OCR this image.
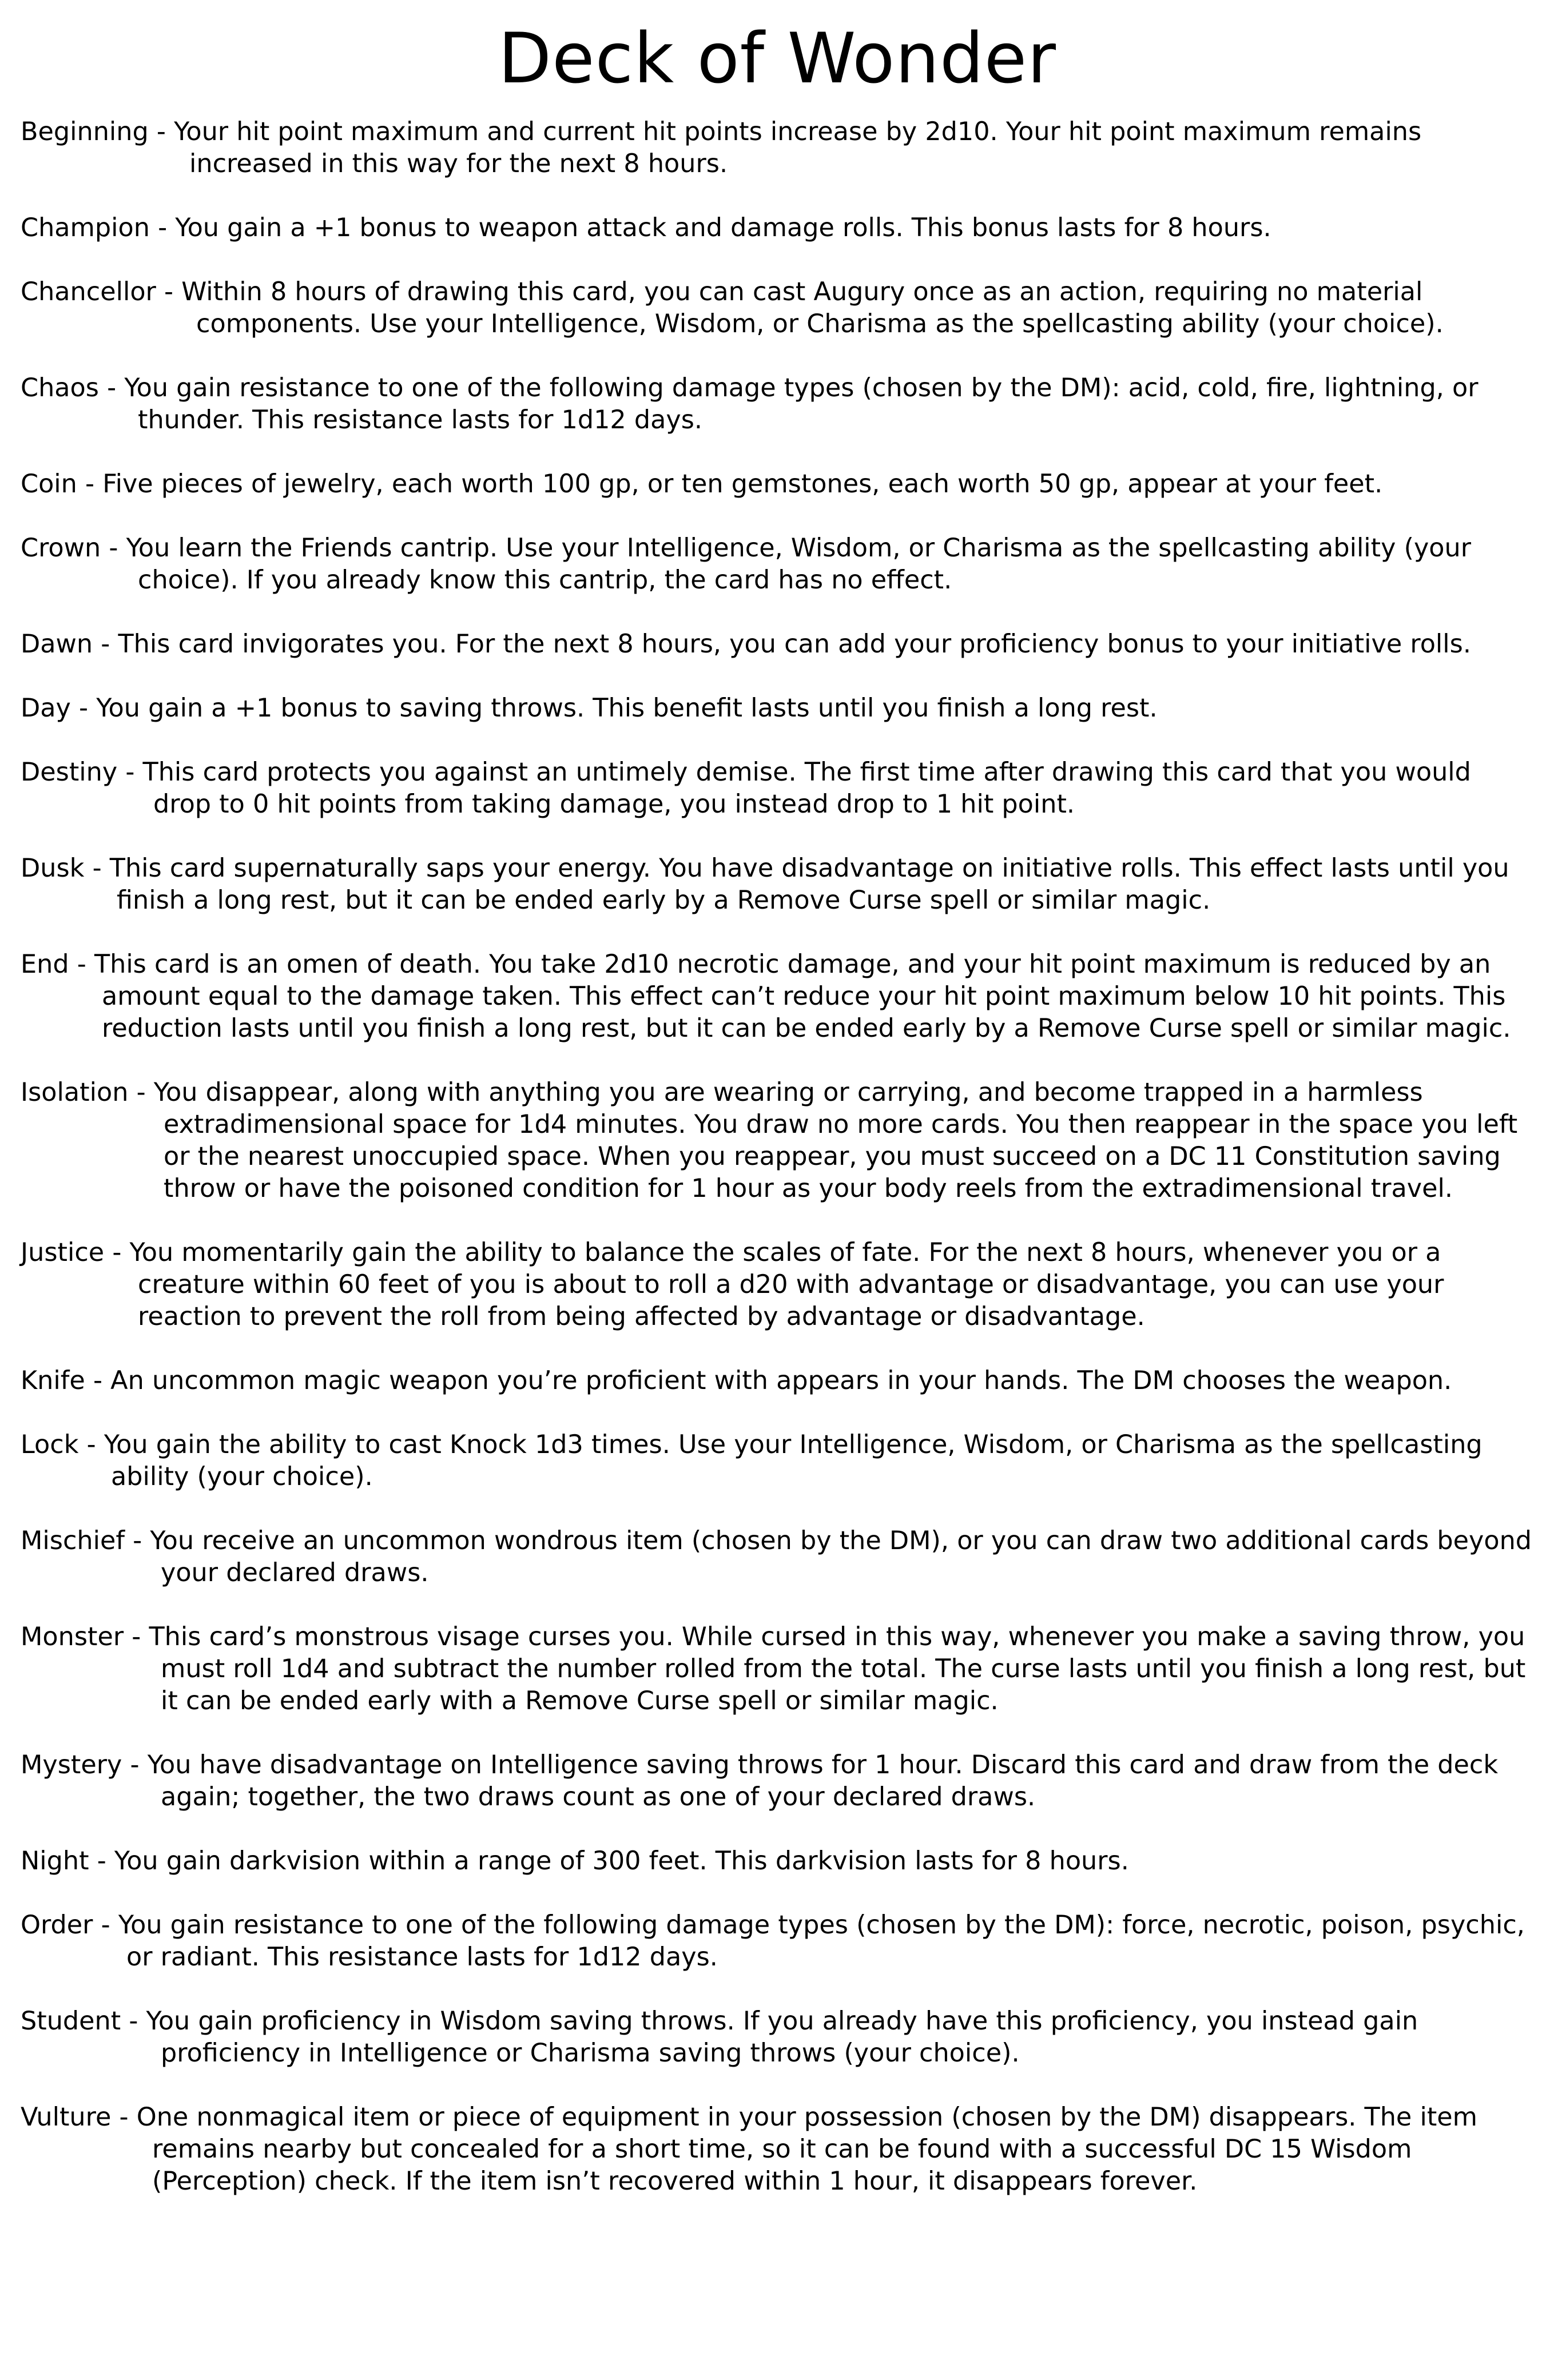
Deck of Wonder
Beginning - Your hit point maximum and current hit points increase by 2d10. Your hit point maximum remains increased in this way for the next 8 hours.
Champion - You gain a +1 bonus to weapon attack and damage rolls. This bonus lasts for 8 hours.
Chancellor - Within 8 hours of drawing this card, you can cast Augury once as an action, requiring no material components. Use your Intelligence, Wisdom, or Charisma as the spellcasting ability (your choice).
Chaos - You gain resistance to one of the following damage types (chosen by the DM): acid, cold, fire, lightning, or thunder. This resistance lasts for 1d12 days.
Coin - Five pieces of jewelry, each worth 100 gp, or ten gemstones, each worth 50 gp, appear at your feet.
Crown - You learn the Friends cantrip. Use your Intelligence, Wisdom, or Charisma as the spellcasting ability (your choice). If you already know this cantrip, the card has no effect.
Dawn - This card invigorates you. For the next 8 hours, you can add your proficiency bonus to your initiative rolls.
Day - You gain a +1 bonus to saving throws. This benefit lasts until you finish a long rest.
Destiny - This card protects you against an untimely demise. The first time after drawing this card that you would drop to 0 hit points from taking damage, you instead drop to 1 hit point.
Dusk - This card supernaturally saps your energy. You have disadvantage on initiative rolls. This effect lasts until you finish a long rest, but it can be ended early by a Remove Curse spell or similar magic.
End - This card is an omen of death. You take 2d10 necrotic damage, and your hit point maximum is reduced by an amount equal to the damage taken. This effect can’t reduce your hit point maximum below 10 hit points. This reduction lasts until you finish a long rest, but it can be ended early by a Remove Curse spell or similar magic.
Isolation - You disappear, along with anything you are wearing or carrying, and become trapped in a harmless extradimensional space for 1d4 minutes. You draw no more cards. You then reappear in the space you left or the nearest unoccupied space. When you reappear, you must succeed on a DC 11 Constitution saving throw or have the poisoned condition for 1 hour as your body reels from the extradimensional travel.
Justice - You momentarily gain the ability to balance the scales of fate. For the next 8 hours, whenever you or a creature within 60 feet of you is about to roll a d20 with advantage or disadvantage, you can use your reaction to prevent the roll from being affected by advantage or disadvantage.
Knife - An uncommon magic weapon you’re proficient with appears in your hands. The DM chooses the weapon.
Lock - You gain the ability to cast Knock 1d3 times. Use your Intelligence, Wisdom, or Charisma as the spellcasting ability (your choice).
Mischief - You receive an uncommon wondrous item (chosen by the DM), or you can draw two additional cards beyond your declared draws.
Monster - This card’s monstrous visage curses you. While cursed in this way, whenever you make a saving throw, you must roll 1d4 and subtract the number rolled from the total. The curse lasts until you finish a long rest, but it can be ended early with a Remove Curse spell or similar magic.
Mystery - You have disadvantage on Intelligence saving throws for 1 hour. Discard this card and draw from the deck again; together, the two draws count as one of your declared draws.
Night - You gain darkvision within a range of 300 feet. This darkvision lasts for 8 hours.
Order - You gain resistance to one of the following damage types (chosen by the DM): force, necrotic, poison, psychic, or radiant. This resistance lasts for 1d12 days.
Student - You gain proficiency in Wisdom saving throws. If you already have this proficiency, you instead gain proficiency in Intelligence or Charisma saving throws (your choice).
Vulture - One nonmagical item or piece of equipment in your possession (chosen by the DM) disappears. The item remains nearby but concealed for a short time, so it can be found with a successful DC 15 Wisdom (Perception) check. If the item isn’t recovered within 1 hour, it disappears forever.
